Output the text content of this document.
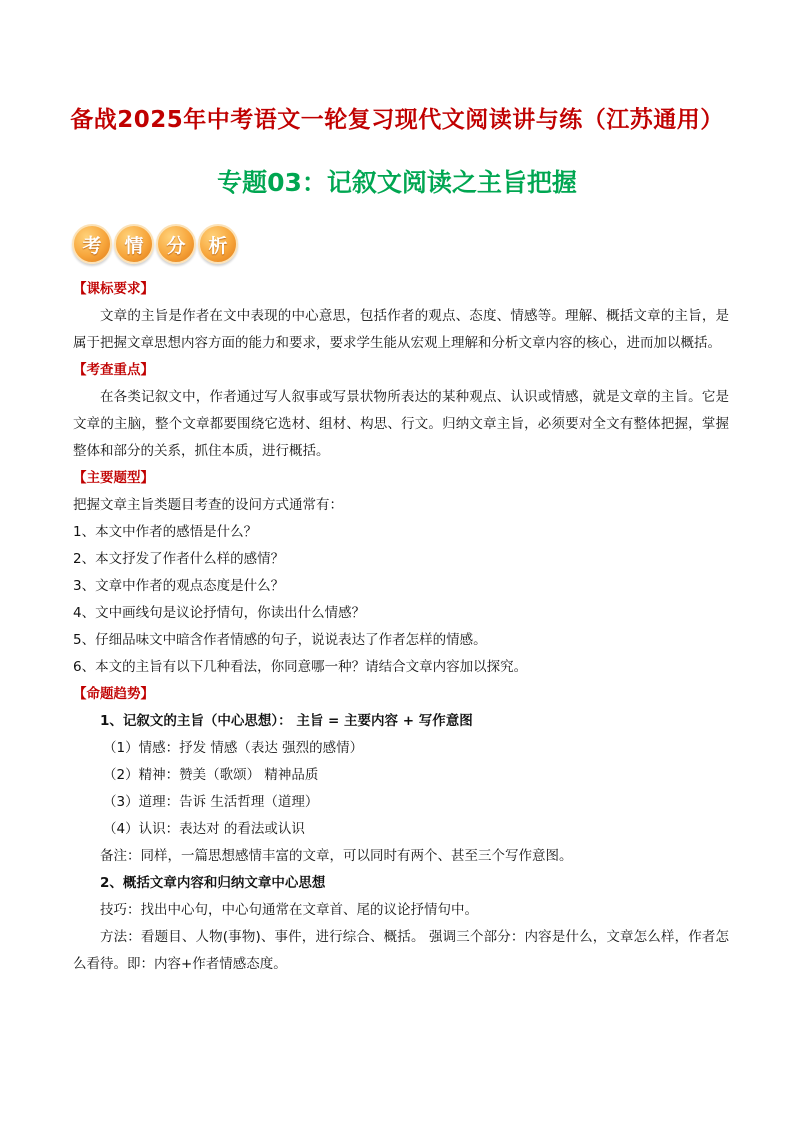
备战2025年中考语文一轮复习现代文阅读讲与练（江苏通用）
专题03：记叙文阅读之主旨把握
考	情	分	析
【课标要求】

文章的主旨是作者在文中表现的中心意思，包括作者的观点、态度、情感等。理解、概括文章的主旨，是属于把握文章思想内容方面的能力和要求，要求学生能从宏观上理解和分析文章内容的核心，进而加以概括。

【考查重点】

在各类记叙文中，作者通过写人叙事或写景状物所表达的某种观点、认识或情感，就是文章的主旨。它是文章的主脑，整个文章都要围绕它选材、组材、构思、行文。归纳文章主旨，必须要对全文有整体把握，掌握整体和部分的关系，抓住本质，进行概括。

【主要题型】
把握文章主旨类题目考查的设问方式通常有：
1、本文中作者的感悟是什么？
2、本文抒发了作者什么样的感情？
3、文章中作者的观点态度是什么？
4、文中画线句是议论抒情句，你读出什么情感？
5、仔细品味文中暗含作者情感的句子，说说表达了作者怎样的情感。
6、本文的主旨有以下几种看法，你同意哪一种？请结合文章内容加以探究。
【命题趋势】
1、记叙文的主旨（中心思想）： 主旨 = 主要内容 + 写作意图
（1）情感：抒发 情感（表达 强烈的感情）
（2）精神：赞美（歌颂） 精神品质
（3）道理：告诉 生活哲理（道理）
（4）认识：表达对 的看法或认识
备注：同样，一篇思想感情丰富的文章，可以同时有两个、甚至三个写作意图。
2、概括文章内容和归纳文章中心思想
技巧：找出中心句，中心句通常在文章首、尾的议论抒情句中。

方法：看题目、人物(事物)、事件，进行综合、概括。 强调三个部分：内容是什么，文章怎么样，作者怎么看待。即：内容+作者情感态度。
